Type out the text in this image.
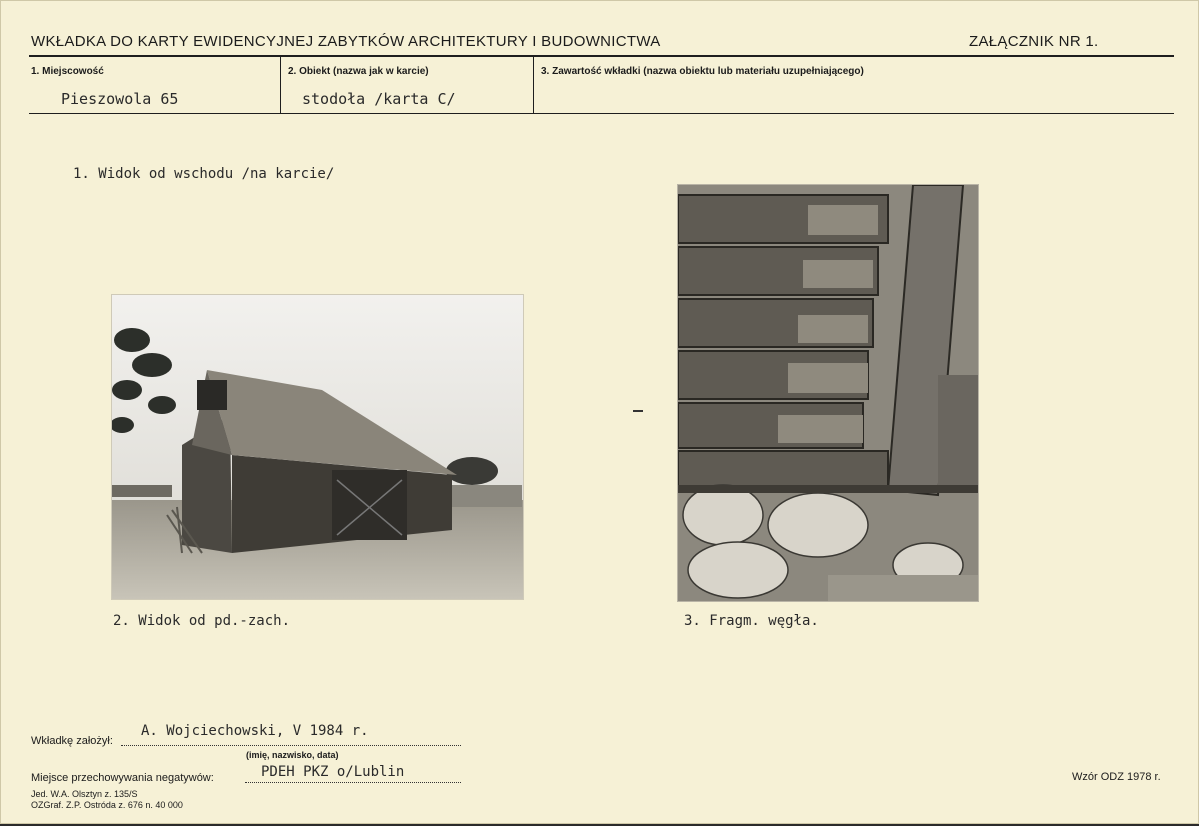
WKŁADKA DO KARTY EWIDENCYJNEJ ZABYTKÓW ARCHITEKTURY I BUDOWNICTWA	ZAŁĄCZNIK NR 1.
1. Miejscowość
Pieszowola 65
2. Obiekt (nazwa jak w karcie)
stodoła /karta C/
3. Zawartość wkładki (nazwa obiektu lub materiału uzupełniającego)
1. Widok od wschodu /na karcie/
2. Widok od pd.-zach.	3. Fragm. węgła.
Wkładkę założył:
A. Wojciechowski, V 1984 r.
(imię, nazwisko, data)
Miejsce przechowywania negatywów:	PDEH PKZ o/Lublin	Wzór ODZ 1978 r.
Jed. W.A. Olsztyn z. 135/S
OZGraf. Z.P. Ostróda z. 676 n. 40 000
